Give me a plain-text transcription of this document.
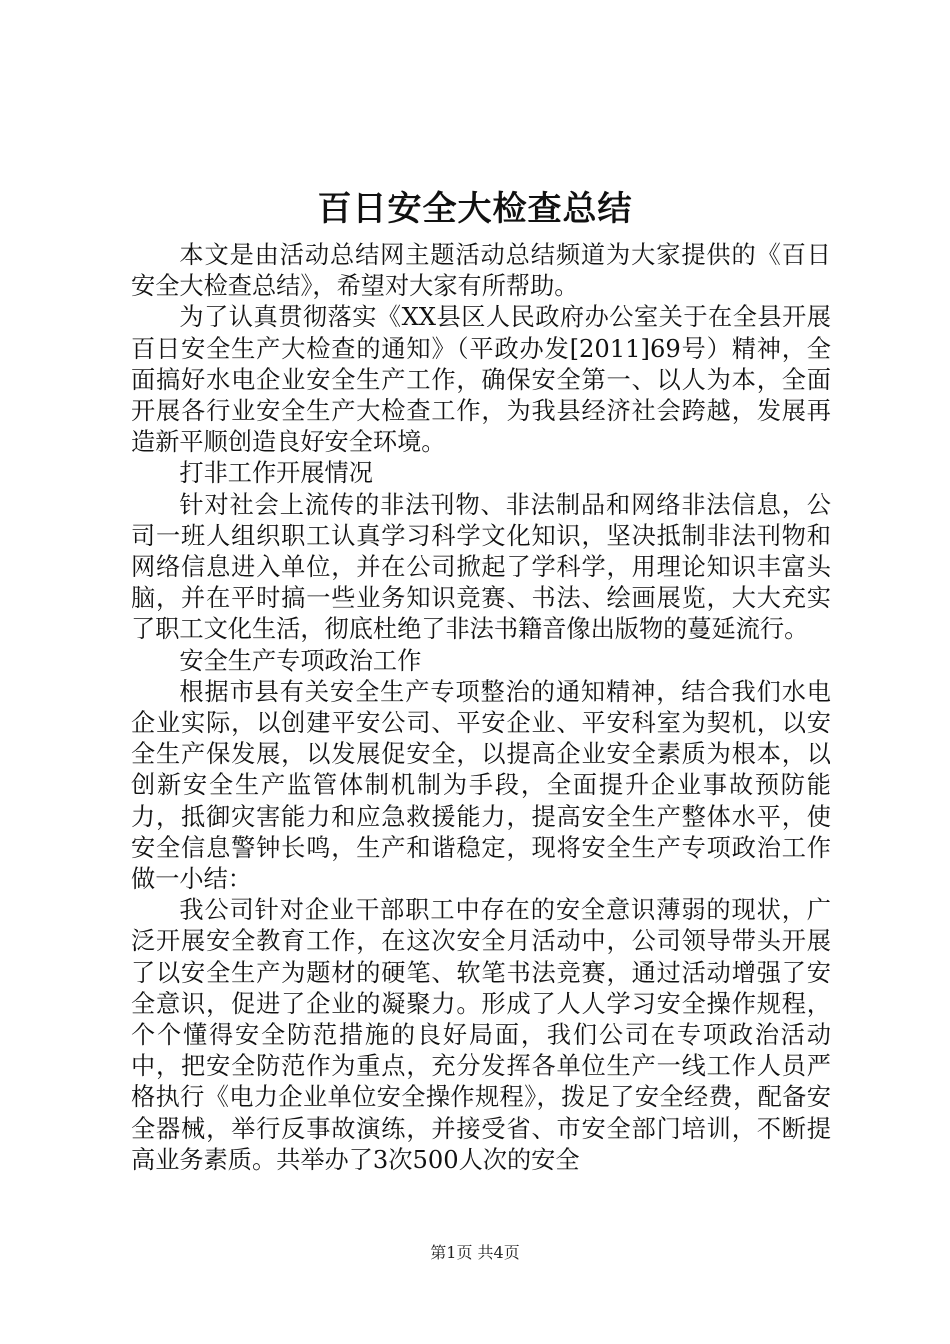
百日安全大检查总结

本文是由活动总结网主题活动总结频道为大家提供的《百日安全大检查总结》，希望对大家有所帮助。

为了认真贯彻落实《XX县区人民政府办公室关于在全县开展百日安全生产大检查的通知》（平政办发[2011]69号）精神，全面搞好水电企业安全生产工作，确保安全第一、以人为本，全面开展各行业安全生产大检查工作，为我县经济社会跨越，发展再造新平顺创造良好安全环境。

打非工作开展情况

针对社会上流传的非法刊物、非法制品和网络非法信息，公司一班人组织职工认真学习科学文化知识，坚决抵制非法刊物和网络信息进入单位，并在公司掀起了学科学，用理论知识丰富头脑，并在平时搞一些业务知识竞赛、书法、绘画展览，大大充实了职工文化生活，彻底杜绝了非法书籍音像出版物的蔓延流行。

安全生产专项政治工作

根据市县有关安全生产专项整治的通知精神，结合我们水电企业实际，以创建平安公司、平安企业、平安科室为契机，以安全生产保发展，以发展促安全，以提高企业安全素质为根本，以创新安全生产监管体制机制为手段，全面提升企业事故预防能力，抵御灾害能力和应急救援能力，提高安全生产整体水平，使安全信息警钟长鸣，生产和谐稳定，现将安全生产专项政治工作做一小结：

我公司针对企业干部职工中存在的安全意识薄弱的现状，广泛开展安全教育工作，在这次安全月活动中，公司领导带头开展了以安全生产为题材的硬笔、软笔书法竞赛，通过活动增强了安全意识，促进了企业的凝聚力。形成了人人学习安全操作规程，个个懂得安全防范措施的良好局面，我们公司在专项政治活动中，把安全防范作为重点，充分发挥各单位生产一线工作人员严格执行《电力企业单位安全操作规程》，拨足了安全经费，配备安全器械，举行反事故演练，并接受省、市安全部门培训，不断提高业务素质。共举办了3次500人次的安全

第1页 共4页
